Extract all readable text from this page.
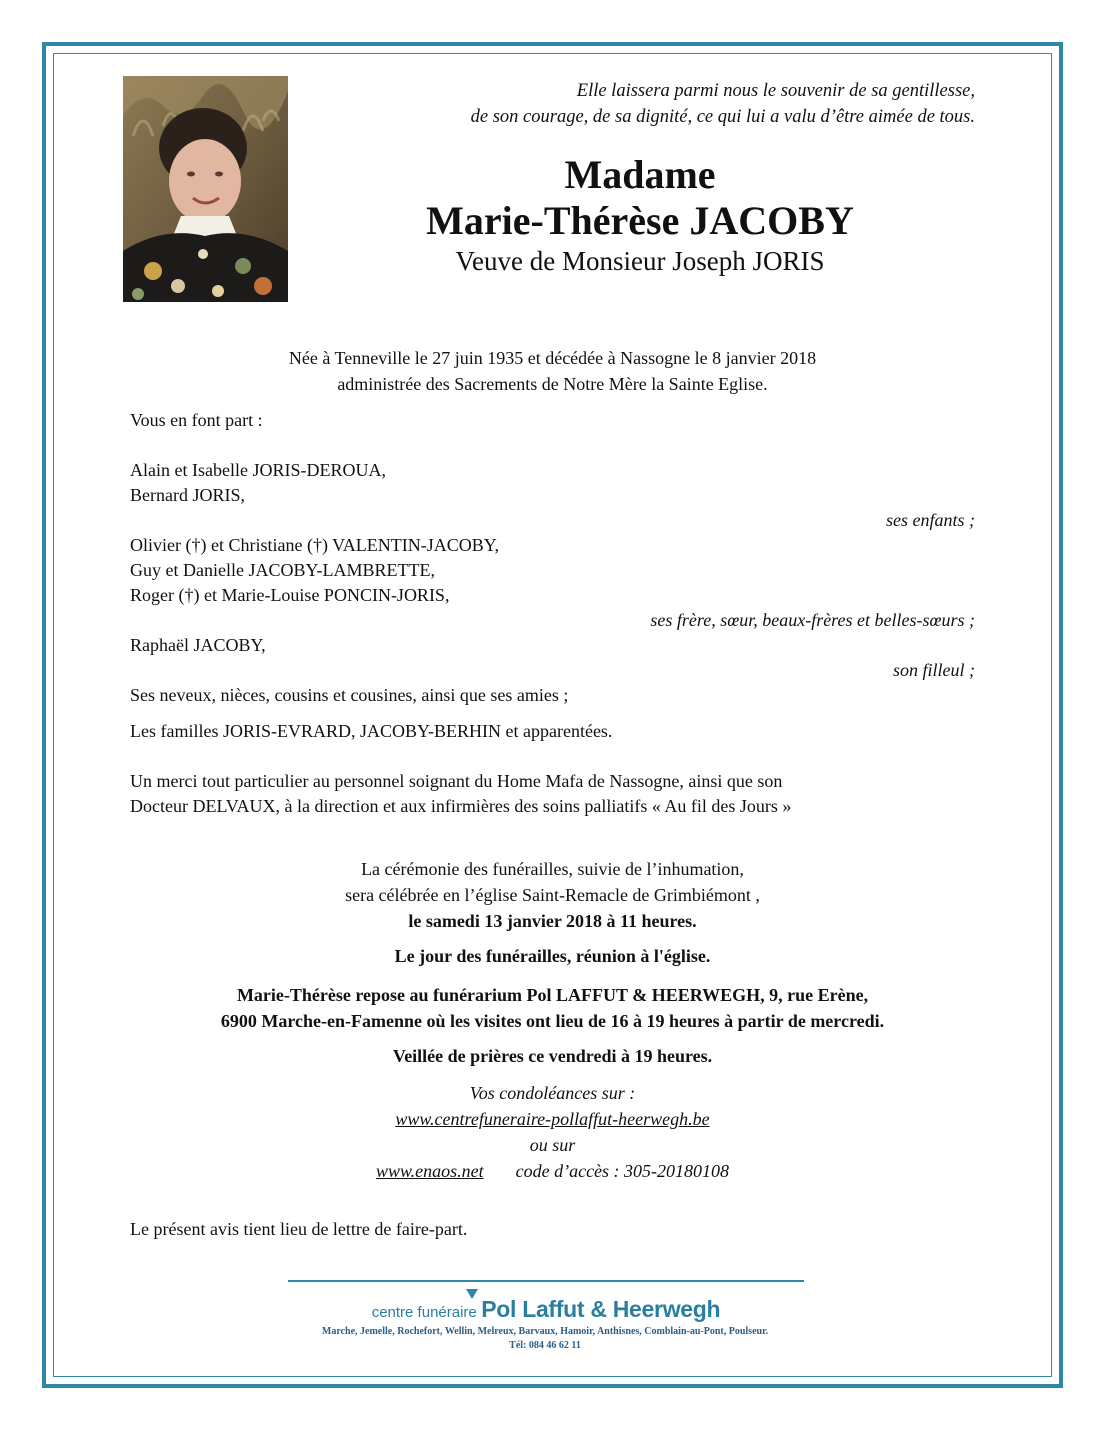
Elle laissera parmi nous le souvenir de sa gentillesse,
de son courage, de sa dignité, ce qui lui a valu d’être aimée de tous.
Madame
Marie-Thérèse JACOBY
Veuve de Monsieur Joseph JORIS
Née à Tenneville le 27 juin 1935 et décédée à Nassogne le 8 janvier 2018
administrée des Sacrements de Notre Mère la Sainte Eglise.
Vous en font part :
Alain et Isabelle JORIS-DEROUA,
Bernard JORIS,
ses enfants ;
Olivier (†) et Christiane (†) VALENTIN-JACOBY,
Guy et Danielle JACOBY-LAMBRETTE,
Roger (†) et Marie-Louise PONCIN-JORIS,
ses frère, sœur, beaux-frères et belles-sœurs ;
Raphaël JACOBY,
son filleul ;
Ses neveux, nièces, cousins et cousines, ainsi que ses amies ;
Les familles JORIS-EVRARD, JACOBY-BERHIN et apparentées.
Un merci tout particulier au personnel soignant du Home Mafa de Nassogne, ainsi que son
Docteur DELVAUX, à la direction et aux infirmières des soins palliatifs « Au fil des Jours »
La cérémonie des funérailles, suivie de l’inhumation,
sera célébrée en l’église Saint-Remacle de Grimbiémont ,
le samedi 13 janvier 2018 à 11 heures.
Le jour des funérailles, réunion à l'église.
Marie-Thérèse repose au funérarium Pol LAFFUT & HEERWEGH, 9, rue Erène,
6900 Marche-en-Famenne où les visites ont lieu de 16 à 19 heures à partir de mercredi.
Veillée de prières ce vendredi à 19 heures.
Vos condoléances sur :
www.centrefuneraire-pollaffut-heerwegh.be
ou sur
www.enaos.net code d’accès : 305-20180108
Le présent avis tient lieu de lettre de faire-part.
centre funéraire Pol Laffut & Heerwegh
Marche, Jemelle, Rochefort, Wellin, Melreux, Barvaux, Hamoir, Anthisnes, Comblain-au-Pont, Poulseur.
Tél: 084 46 62 11
